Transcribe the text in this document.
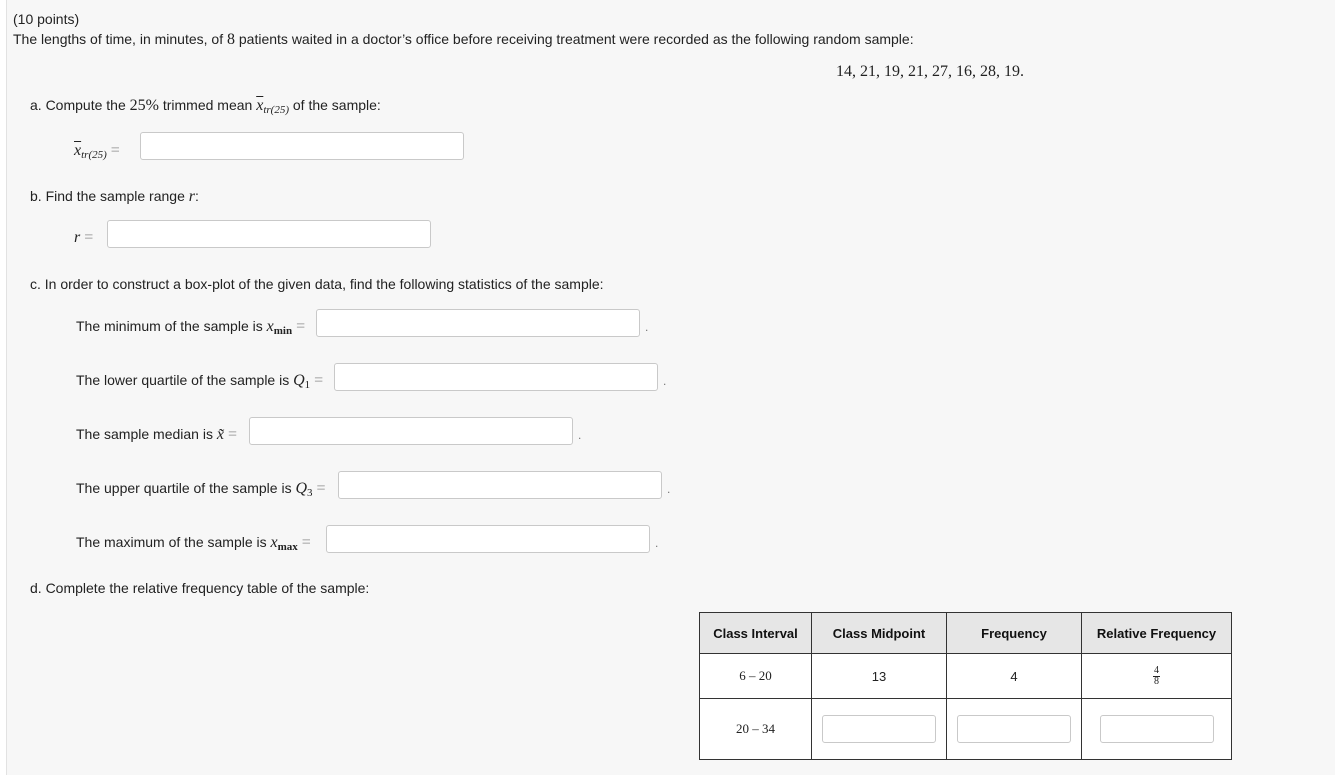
(10 points)
The lengths of time, in minutes, of 8 patients waited in a doctor’s office before receiving treatment were recorded as the following random sample:
14, 21, 19, 21, 27, 16, 28, 19.
a. Compute the 25% trimmed mean $\overline{x}tr(25)$ of the sample:
$\overline{x}tr(25)$ =
b. Find the sample range r:
r =
c. In order to construct a box-plot of the given data, find the following statistics of the sample:
The minimum of the sample is $x_{min}$ =	.
The lower quartile of the sample is Q1 =	.
The sample median is x̃ =	.
The upper quartile of the sample is Q3 =	.
The maximum of the sample is $x_{max}$ =	.
d. Complete the relative frequency table of the sample:
Class Interval	Class Midpoint	Frequency	Relative Frequency
6 – 20	13	4	$\frac{4}{8}$

20 – 34			
